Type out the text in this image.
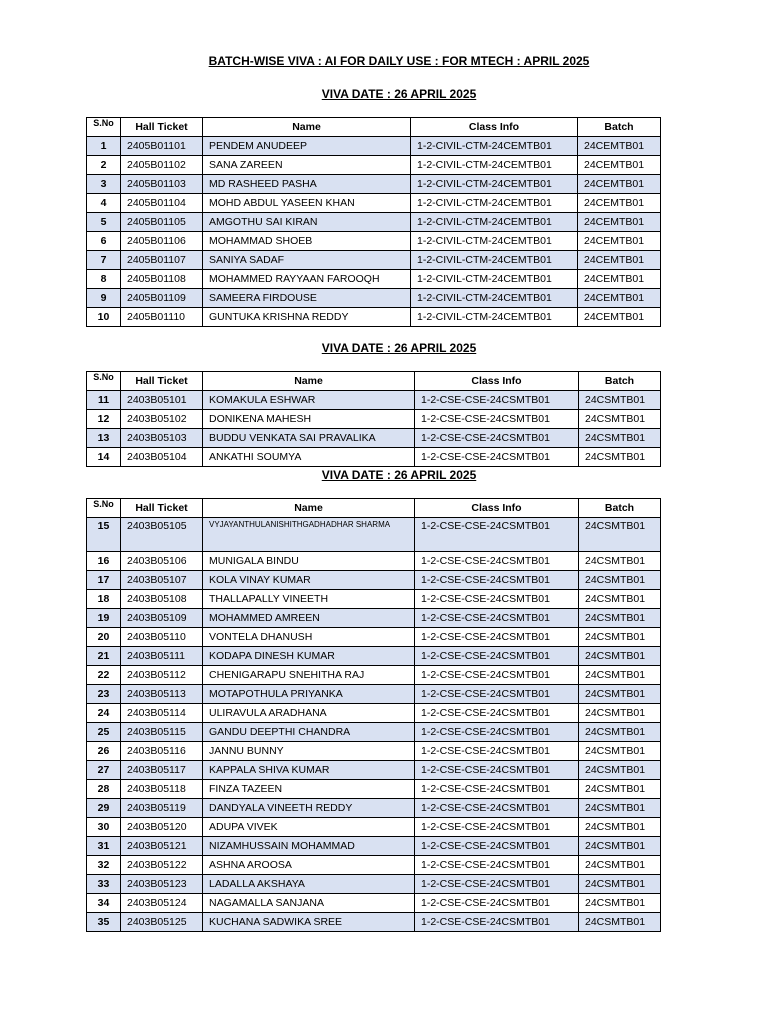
BATCH-WISE VIVA : AI FOR DAILY USE : FOR MTECH : APRIL 2025
VIVA DATE : 26 APRIL 2025
S.No	Hall Ticket	Name	Class Info	Batch
1	2405B01101	PENDEM ANUDEEP	1-2-CIVIL-CTM-24CEMTB01	24CEMTB01
2	2405B01102	SANA ZAREEN	1-2-CIVIL-CTM-24CEMTB01	24CEMTB01
3	2405B01103	MD RASHEED PASHA	1-2-CIVIL-CTM-24CEMTB01	24CEMTB01
4	2405B01104	MOHD ABDUL YASEEN KHAN	1-2-CIVIL-CTM-24CEMTB01	24CEMTB01
5	2405B01105	AMGOTHU SAI KIRAN	1-2-CIVIL-CTM-24CEMTB01	24CEMTB01
6	2405B01106	MOHAMMAD SHOEB	1-2-CIVIL-CTM-24CEMTB01	24CEMTB01
7	2405B01107	SANIYA SADAF	1-2-CIVIL-CTM-24CEMTB01	24CEMTB01
8	2405B01108	MOHAMMED RAYYAAN FAROOQH	1-2-CIVIL-CTM-24CEMTB01	24CEMTB01
9	2405B01109	SAMEERA FIRDOUSE	1-2-CIVIL-CTM-24CEMTB01	24CEMTB01
10	2405B01110	GUNTUKA KRISHNA REDDY	1-2-CIVIL-CTM-24CEMTB01	24CEMTB01
VIVA DATE : 26 APRIL 2025
S.No	Hall Ticket	Name	Class Info	Batch
11	2403B05101	KOMAKULA ESHWAR	1-2-CSE-CSE-24CSMTB01	24CSMTB01
12	2403B05102	DONIKENA MAHESH	1-2-CSE-CSE-24CSMTB01	24CSMTB01
13	2403B05103	BUDDU VENKATA SAI PRAVALIKA	1-2-CSE-CSE-24CSMTB01	24CSMTB01
14	2403B05104	ANKATHI SOUMYA	1-2-CSE-CSE-24CSMTB01	24CSMTB01
VIVA DATE : 26 APRIL 2025
S.No	Hall Ticket	Name	Class Info	Batch
15	2403B05105	VYJAYANTHULANISHITHGADHADHAR SHARMA	1-2-CSE-CSE-24CSMTB01	24CSMTB01
16	2403B05106	MUNIGALA BINDU	1-2-CSE-CSE-24CSMTB01	24CSMTB01
17	2403B05107	KOLA VINAY KUMAR	1-2-CSE-CSE-24CSMTB01	24CSMTB01
18	2403B05108	THALLAPALLY VINEETH	1-2-CSE-CSE-24CSMTB01	24CSMTB01
19	2403B05109	MOHAMMED AMREEN	1-2-CSE-CSE-24CSMTB01	24CSMTB01
20	2403B05110	VONTELA DHANUSH	1-2-CSE-CSE-24CSMTB01	24CSMTB01
21	2403B05111	KODAPA DINESH KUMAR	1-2-CSE-CSE-24CSMTB01	24CSMTB01
22	2403B05112	CHENIGARAPU SNEHITHA RAJ	1-2-CSE-CSE-24CSMTB01	24CSMTB01
23	2403B05113	MOTAPOTHULA PRIYANKA	1-2-CSE-CSE-24CSMTB01	24CSMTB01
24	2403B05114	ULIRAVULA ARADHANA	1-2-CSE-CSE-24CSMTB01	24CSMTB01
25	2403B05115	GANDU DEEPTHI CHANDRA	1-2-CSE-CSE-24CSMTB01	24CSMTB01
26	2403B05116	JANNU BUNNY	1-2-CSE-CSE-24CSMTB01	24CSMTB01
27	2403B05117	KAPPALA SHIVA KUMAR	1-2-CSE-CSE-24CSMTB01	24CSMTB01
28	2403B05118	FINZA TAZEEN	1-2-CSE-CSE-24CSMTB01	24CSMTB01
29	2403B05119	DANDYALA VINEETH REDDY	1-2-CSE-CSE-24CSMTB01	24CSMTB01
30	2403B05120	ADUPA VIVEK	1-2-CSE-CSE-24CSMTB01	24CSMTB01
31	2403B05121	NIZAMHUSSAIN MOHAMMAD	1-2-CSE-CSE-24CSMTB01	24CSMTB01
32	2403B05122	ASHNA AROOSA	1-2-CSE-CSE-24CSMTB01	24CSMTB01
33	2403B05123	LADALLA AKSHAYA	1-2-CSE-CSE-24CSMTB01	24CSMTB01
34	2403B05124	NAGAMALLA SANJANA	1-2-CSE-CSE-24CSMTB01	24CSMTB01
35	2403B05125	KUCHANA SADWIKA SREE	1-2-CSE-CSE-24CSMTB01	24CSMTB01
